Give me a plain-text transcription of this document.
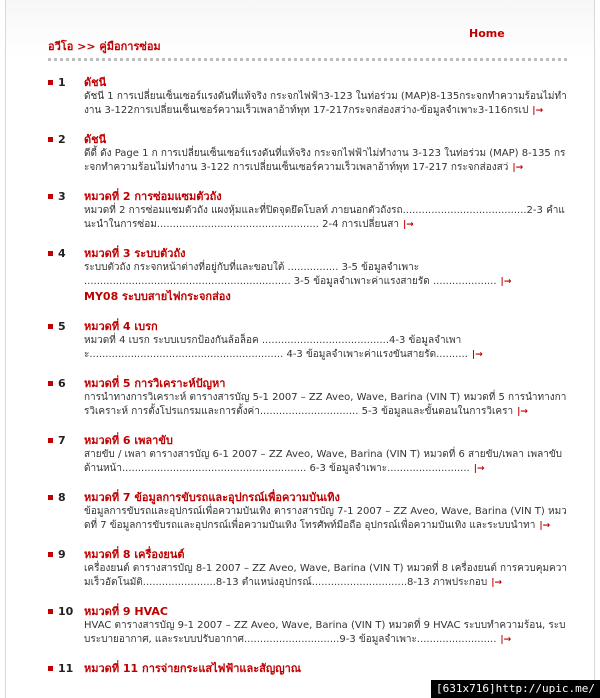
Home
อวีโอ >> คู่มือการซ่อม
1 ดัชนี
ดัชนี 1 การเปลี่ยนเซ็นเซอร์แรงดันที่แท้จริง กระจกไฟฟ้า3-123 ในท่อร่วม (MAP)8-135กระจกทำความร้อนไม่ทำงาน 3-122การเปลี่ยนเซ็นเซอร์ความเร็วเพลาอ้าท์พุท 17-217กระจกส่องสว่าง-ข้อมูลจำเพาะ3-116กรเป |→
2 ดัชนี
ดีดี้ ดัง Page 1 ก การเปลี่ยนเซ็นเซอร์แรงดันที่แท้จริง กระจกไฟฟ้าไม่ทำงาน 3-123 ในท่อร่วม (MAP) 8-135 กระจกทำความร้อนไม่ทำงาน 3-122 การเปลี่ยนเซ็นเซอร์ความเร็วเพลาอ้าท์พุท 17-217 กระจกส่องสว่ |→
3 หมวดที่ 2 การซ่อมแซมตัวถัง
หมวดที่ 2 การซ่อมแซมตัวถัง แผงหุ้มและที่ปิดจุดยึดโบลท์ ภายนอกตัวถังรถ.......................................2-3 คำแนะนำในการซ่อม................................................... 2-4 การเปลี่ยนสา |→
4 หมวดที่ 3 ระบบตัวถัง
ระบบตัวถัง กระจกหน้าต่างที่อยู่กับที่และขอบใต้ ................ 3-5 ข้อมูลจำเพาะ ................................................................. 3-5 ข้อมูลจำเพาะค่าแรงสายรัด .................... |→
MY08 ระบบสายไฟกระจกส่อง
5 หมวดที่ 4 เบรก
หมวดที่ 4 เบรก ระบบเบรกป้องกันล้อล็อค ........................................4-3 ข้อมูลจำเพาะ............................................................. 4-3 ข้อมูลจำเพาะค่าแรงขันสายรัด.......... |→
6 หมวดที่ 5 การวิเคราะห์ปัญหา
การนำทางการวิเคราะห์ ตารางสารบัญ 5-1 2007 – ZZ Aveo, Wave, Barina (VIN T) หมวดที่ 5 การนำทางการวิเคราะห์ การตั้งโปรแกรมและการตั้งค่า............................... 5-3 ข้อมูลและขั้นตอนในการวิเครา |→
7 หมวดที่ 6 เพลาขับ
สายขับ / เพลา ตารางสารบัญ 6-1 2007 – ZZ Aveo, Wave, Barina (VIN T) หมวดที่ 6 สายขับ/เพลา เพลาขับด้านหน้า.......................................................... 6-3 ข้อมูลจำเพาะ.......................... |→
8 หมวดที่ 7 ข้อมูลการขับรถและอุปกรณ์เพื่อความบันเทิง
ข้อมูลการขับรถและอุปกรณ์เพื่อความบันเทิง ตารางสารบัญ 7-1 2007 – ZZ Aveo, Wave, Barina (VIN T) หมวดที่ 7 ข้อมูลการขับรถและอุปกรณ์เพื่อความบันเทิง โทรศัพท์มือถือ อุปกรณ์เพื่อความบันเทิง และระบบนำทา |→
9 หมวดที่ 8 เครื่องยนต์
เครื่องยนต์ ตารางสารบัญ 8-1 2007 – ZZ Aveo, Wave, Barina (VIN T) หมวดที่ 8 เครื่องยนต์ การควบคุมความเร็วอัตโนมัติ.......................8-13 ตำแหน่งอุปกรณ์..............................8-13 ภาพประกอบ |→
10 หมวดที่ 9 HVAC
HVAC ตารางสารบัญ 9-1 2007 – ZZ Aveo, Wave, Barina (VIN T) หมวดที่ 9 HVAC ระบบทำความร้อน, ระบบระบายอากาศ, และระบบปรับอากาศ..............................9-3 ข้อมูลจำเพาะ......................... |→
11 หมวดที่ 11 การจ่ายกระแสไฟฟ้าและสัญญาณ
[631x716]http://upic.me/
